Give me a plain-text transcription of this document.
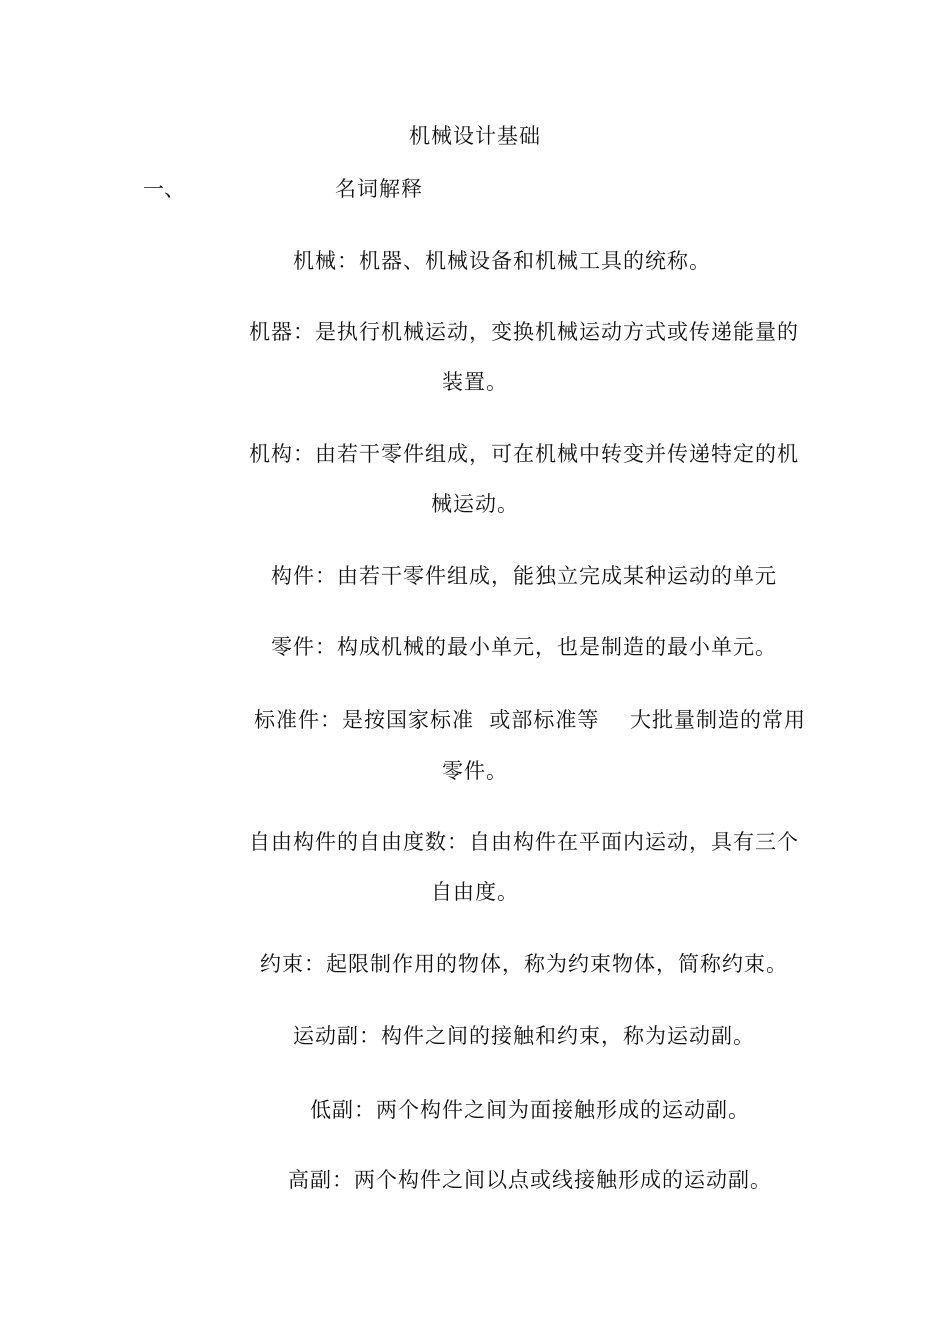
机械设计基础
一、	名词解释
机械：机器、机械设备和机械工具的统称。
机器：是执行机械运动，变换机械运动方式或传递能量的
装置。
机构：由若干零件组成，可在机械中转变并传递特定的机
械运动。
构件：由若干零件组成，能独立完成某种运动的单元
零件：构成机械的最小单元，也是制造的最小单元。
标准件：是按国家标准  或部标准等    大批量制造的常用
零件。
自由构件的自由度数：自由构件在平面内运动，具有三个
自由度。
约束：起限制作用的物体，称为约束物体，简称约束。
运动副：构件之间的接触和约束，称为运动副。
低副：两个构件之间为面接触形成的运动副。
高副：两个构件之间以点或线接触形成的运动副。
